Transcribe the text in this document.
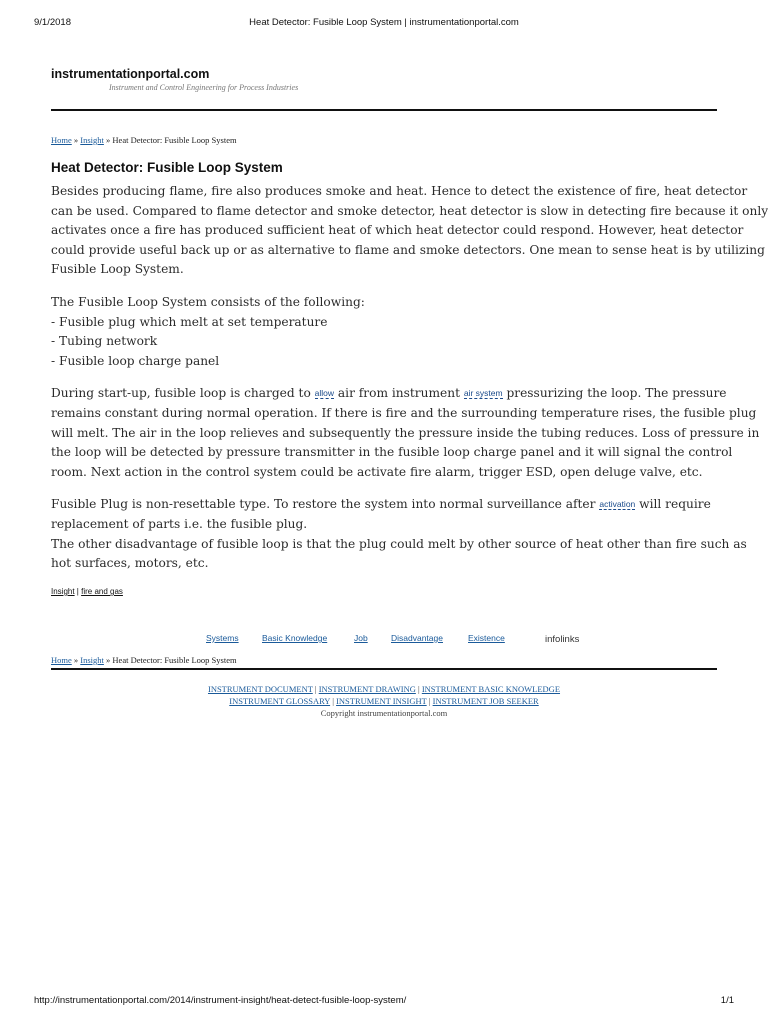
9/1/2018	Heat Detector: Fusible Loop System | instrumentationportal.com
instrumentationportal.com
Instrument and Control Engineering for Process Industries
Home » Insight » Heat Detector: Fusible Loop System
Heat Detector: Fusible Loop System

Besides producing flame, fire also produces smoke and heat. Hence to detect the existence of fire, heat detector
can be used. Compared to flame detector and smoke detector, heat detector is slow in detecting fire because it only
activates once a fire has produced sufficient heat of which heat detector could respond. However, heat detector
could provide useful back up or as alternative to flame and smoke detectors. One mean to sense heat is by utilizing
Fusible Loop System.

The Fusible Loop System consists of the following:
- Fusible plug which melt at set temperature
- Tubing network
- Fusible loop charge panel

During start-up, fusible loop is charged to allow air from instrument air system pressurizing the loop. The pressure
remains constant during normal operation. If there is fire and the surrounding temperature rises, the fusible plug
will melt. The air in the loop relieves and subsequently the pressure inside the tubing reduces. Loss of pressure in
the loop will be detected by pressure transmitter in the fusible loop charge panel and it will signal the control
room. Next action in the control system could be activate fire alarm, trigger ESD, open deluge valve, etc.

Fusible Plug is non-resettable type. To restore the system into normal surveillance after activation will require
replacement of parts i.e. the fusible plug.
The other disadvantage of fusible loop is that the plug could melt by other source of heat other than fire such as
hot surfaces, motors, etc.

Insight | fire and gas
Systems	Basic Knowledge	Job	Disadvantage	Existence	infolinks
Home » Insight » Heat Detector: Fusible Loop System
INSTRUMENT DOCUMENT | INSTRUMENT DRAWING | INSTRUMENT BASIC KNOWLEDGE
INSTRUMENT GLOSSARY | INSTRUMENT INSIGHT | INSTRUMENT JOB SEEKER
Copyright instrumentationportal.com
http://instrumentationportal.com/2014/instrument-insight/heat-detect-fusible-loop-system/	1/1
